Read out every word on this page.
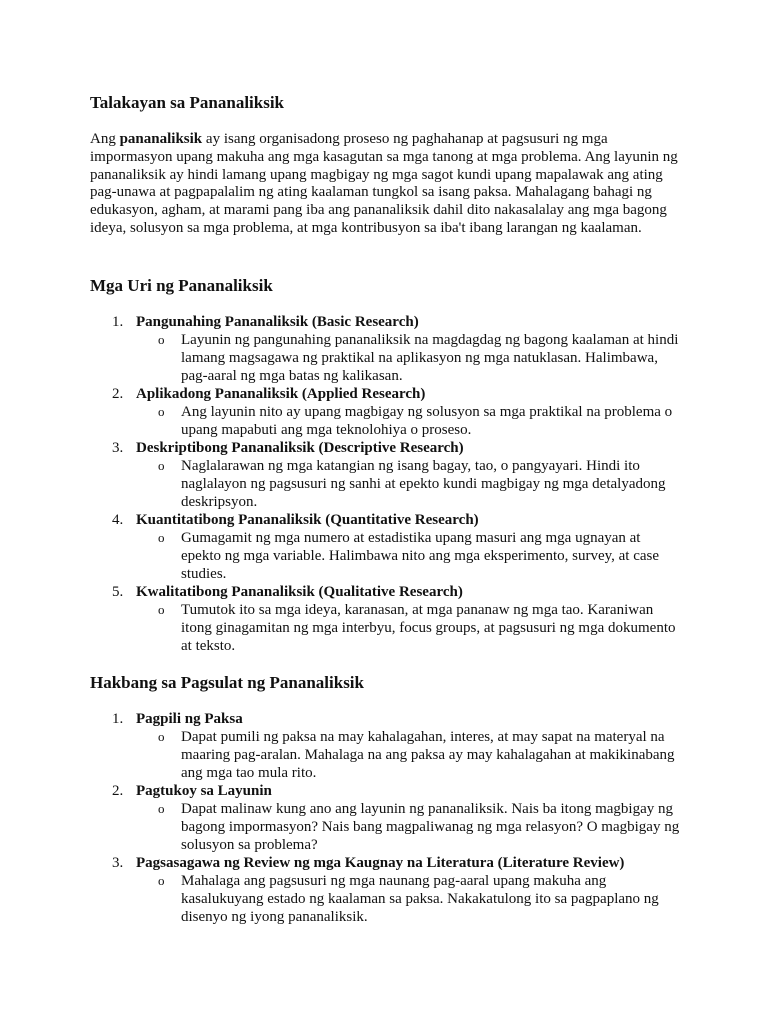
Talakayan sa Pananaliksik
Ang pananaliksik ay isang organisadong proseso ng paghahanap at pagsusuri ng mga impormasyon upang makuha ang mga kasagutan sa mga tanong at mga problema. Ang layunin ng pananaliksik ay hindi lamang upang magbigay ng mga sagot kundi upang mapalawak ang ating pag-unawa at pagpapalalim ng ating kaalaman tungkol sa isang paksa. Mahalagang bahagi ng edukasyon, agham, at marami pang iba ang pananaliksik dahil dito nakasalalay ang mga bagong ideya, solusyon sa mga problema, at mga kontribusyon sa iba't ibang larangan ng kaalaman.
Mga Uri ng Pananaliksik
1. Pangunahing Pananaliksik (Basic Research)
o Layunin ng pangunahing pananaliksik na magdagdag ng bagong kaalaman at hindi lamang magsagawa ng praktikal na aplikasyon ng mga natuklasan. Halimbawa, pag-aaral ng mga batas ng kalikasan.
2. Aplikadong Pananaliksik (Applied Research)
o Ang layunin nito ay upang magbigay ng solusyon sa mga praktikal na problema o upang mapabuti ang mga teknolohiya o proseso.
3. Deskriptibong Pananaliksik (Descriptive Research)
o Naglalarawan ng mga katangian ng isang bagay, tao, o pangyayari. Hindi ito naglalayon ng pagsusuri ng sanhi at epekto kundi magbigay ng mga detalyadong deskripsyon.
4. Kuantitatibong Pananaliksik (Quantitative Research)
o Gumagamit ng mga numero at estadistika upang masuri ang mga ugnayan at epekto ng mga variable. Halimbawa nito ang mga eksperimento, survey, at case studies.
5. Kwalitatibong Pananaliksik (Qualitative Research)
o Tumutok ito sa mga ideya, karanasan, at mga pananaw ng mga tao. Karaniwan itong ginagamitan ng mga interbyu, focus groups, at pagsusuri ng mga dokumento at teksto.
Hakbang sa Pagsulat ng Pananaliksik
1. Pagpili ng Paksa
o Dapat pumili ng paksa na may kahalagahan, interes, at may sapat na materyal na maaring pag-aralan. Mahalaga na ang paksa ay may kahalagahan at makikinabang ang mga tao mula rito.
2. Pagtukoy sa Layunin
o Dapat malinaw kung ano ang layunin ng pananaliksik. Nais ba itong magbigay ng bagong impormasyon? Nais bang magpaliwanag ng mga relasyon? O magbigay ng solusyon sa problema?
3. Pagsasagawa ng Review ng mga Kaugnay na Literatura (Literature Review)
o Mahalaga ang pagsusuri ng mga naunang pag-aaral upang makuha ang kasalukuyang estado ng kaalaman sa paksa. Nakakatulong ito sa pagpaplano ng disenyo ng iyong pananaliksik.
